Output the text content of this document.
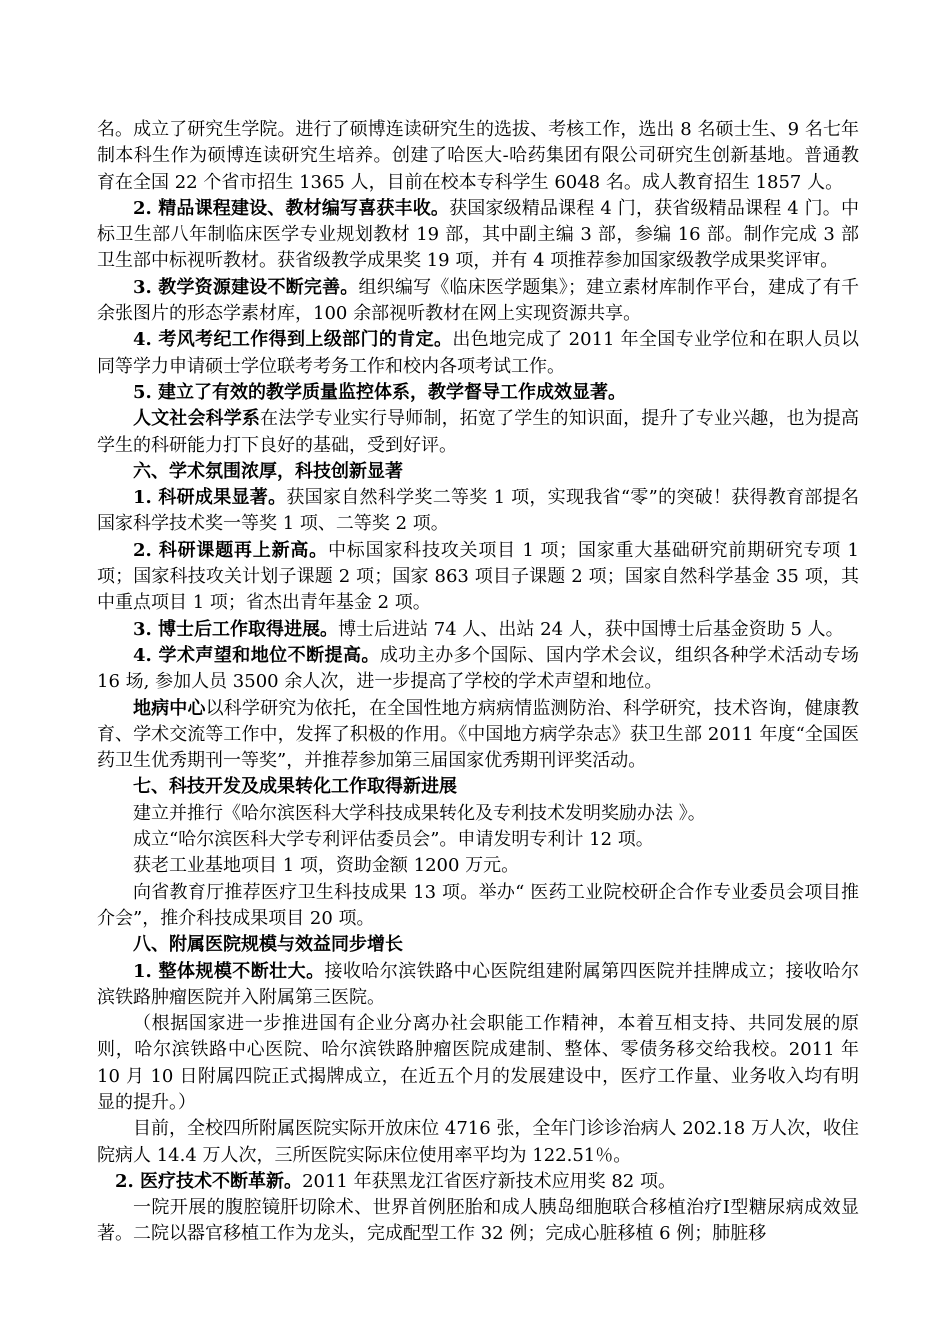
名。成立了研究生学院。进行了硕博连读研究生的选拔、考核工作，选出 8 名硕士生、9 名七年制本科生作为硕博连读研究生培养。创建了哈医大-哈药集团有限公司研究生创新基地。普通教育在全国 22 个省市招生 1365 人，目前在校本专科学生 6048 名。成人教育招生 1857 人。

2. 精品课程建设、教材编写喜获丰收。获国家级精品课程 4 门，获省级精品课程 4 门。中标卫生部八年制临床医学专业规划教材 19 部，其中副主编 3 部，参编 16 部。制作完成 3 部卫生部中标视听教材。获省级教学成果奖 19 项，并有 4 项推荐参加国家级教学成果奖评审。

3. 教学资源建设不断完善。组织编写《临床医学题集》；建立素材库制作平台，建成了有千余张图片的形态学素材库，100 余部视听教材在网上实现资源共享。

4. 考风考纪工作得到上级部门的肯定。出色地完成了 2011 年全国专业学位和在职人员以同等学力申请硕士学位联考考务工作和校内各项考试工作。

5. 建立了有效的教学质量监控体系，教学督导工作成效显著。

人文社会科学系在法学专业实行导师制，拓宽了学生的知识面，提升了专业兴趣，也为提高学生的科研能力打下良好的基础，受到好评。

六、学术氛围浓厚，科技创新显著

1. 科研成果显著。获国家自然科学奖二等奖 1 项，实现我省“零”的突破！获得教育部提名国家科学技术奖一等奖 1 项、二等奖 2 项。

2. 科研课题再上新高。中标国家科技攻关项目 1 项；国家重大基础研究前期研究专项 1 项；国家科技攻关计划子课题 2 项；国家 863 项目子课题 2 项；国家自然科学基金 35 项，其中重点项目 1 项；省杰出青年基金 2 项。

3. 博士后工作取得进展。博士后进站 74 人、出站 24 人，获中国博士后基金资助 5 人。

4. 学术声望和地位不断提高。成功主办多个国际、国内学术会议，组织各种学术活动专场 16 场, 参加人员 3500 余人次，进一步提高了学校的学术声望和地位。

地病中心以科学研究为依托，在全国性地方病病情监测防治、科学研究，技术咨询，健康教育、学术交流等工作中，发挥了积极的作用。《中国地方病学杂志》获卫生部 2011 年度“全国医药卫生优秀期刊一等奖”，并推荐参加第三届国家优秀期刊评奖活动。

七、科技开发及成果转化工作取得新进展

建立并推行《哈尔滨医科大学科技成果转化及专利技术发明奖励办法 》。

成立“哈尔滨医科大学专利评估委员会”。申请发明专利计 12 项。

获老工业基地项目 1 项，资助金额 1200 万元。

向省教育厅推荐医疗卫生科技成果 13 项。举办“ 医药工业院校研企合作专业委员会项目推介会”，推介科技成果项目 20 项。

八、附属医院规模与效益同步增长

1. 整体规模不断壮大。接收哈尔滨铁路中心医院组建附属第四医院并挂牌成立；接收哈尔滨铁路肿瘤医院并入附属第三医院。

（根据国家进一步推进国有企业分离办社会职能工作精神，本着互相支持、共同发展的原则，哈尔滨铁路中心医院、哈尔滨铁路肿瘤医院成建制、整体、零债务移交给我校。2011 年 10 月 10 日附属四院正式揭牌成立，在近五个月的发展建设中，医疗工作量、业务收入均有明显的提升。）

目前，全校四所附属医院实际开放床位 4716 张，全年门诊诊治病人 202.18 万人次，收住院病人 14.4 万人次，三所医院实际床位使用率平均为 122.51％。

2. 医疗技术不断革新。2011 年获黑龙江省医疗新技术应用奖 82 项。

一院开展的腹腔镜肝切除术、世界首例胚胎和成人胰岛细胞联合移植治疗Ⅰ型糖尿病成效显著。二院以器官移植工作为龙头，完成配型工作 32 例；完成心脏移植 6 例；肺脏移
